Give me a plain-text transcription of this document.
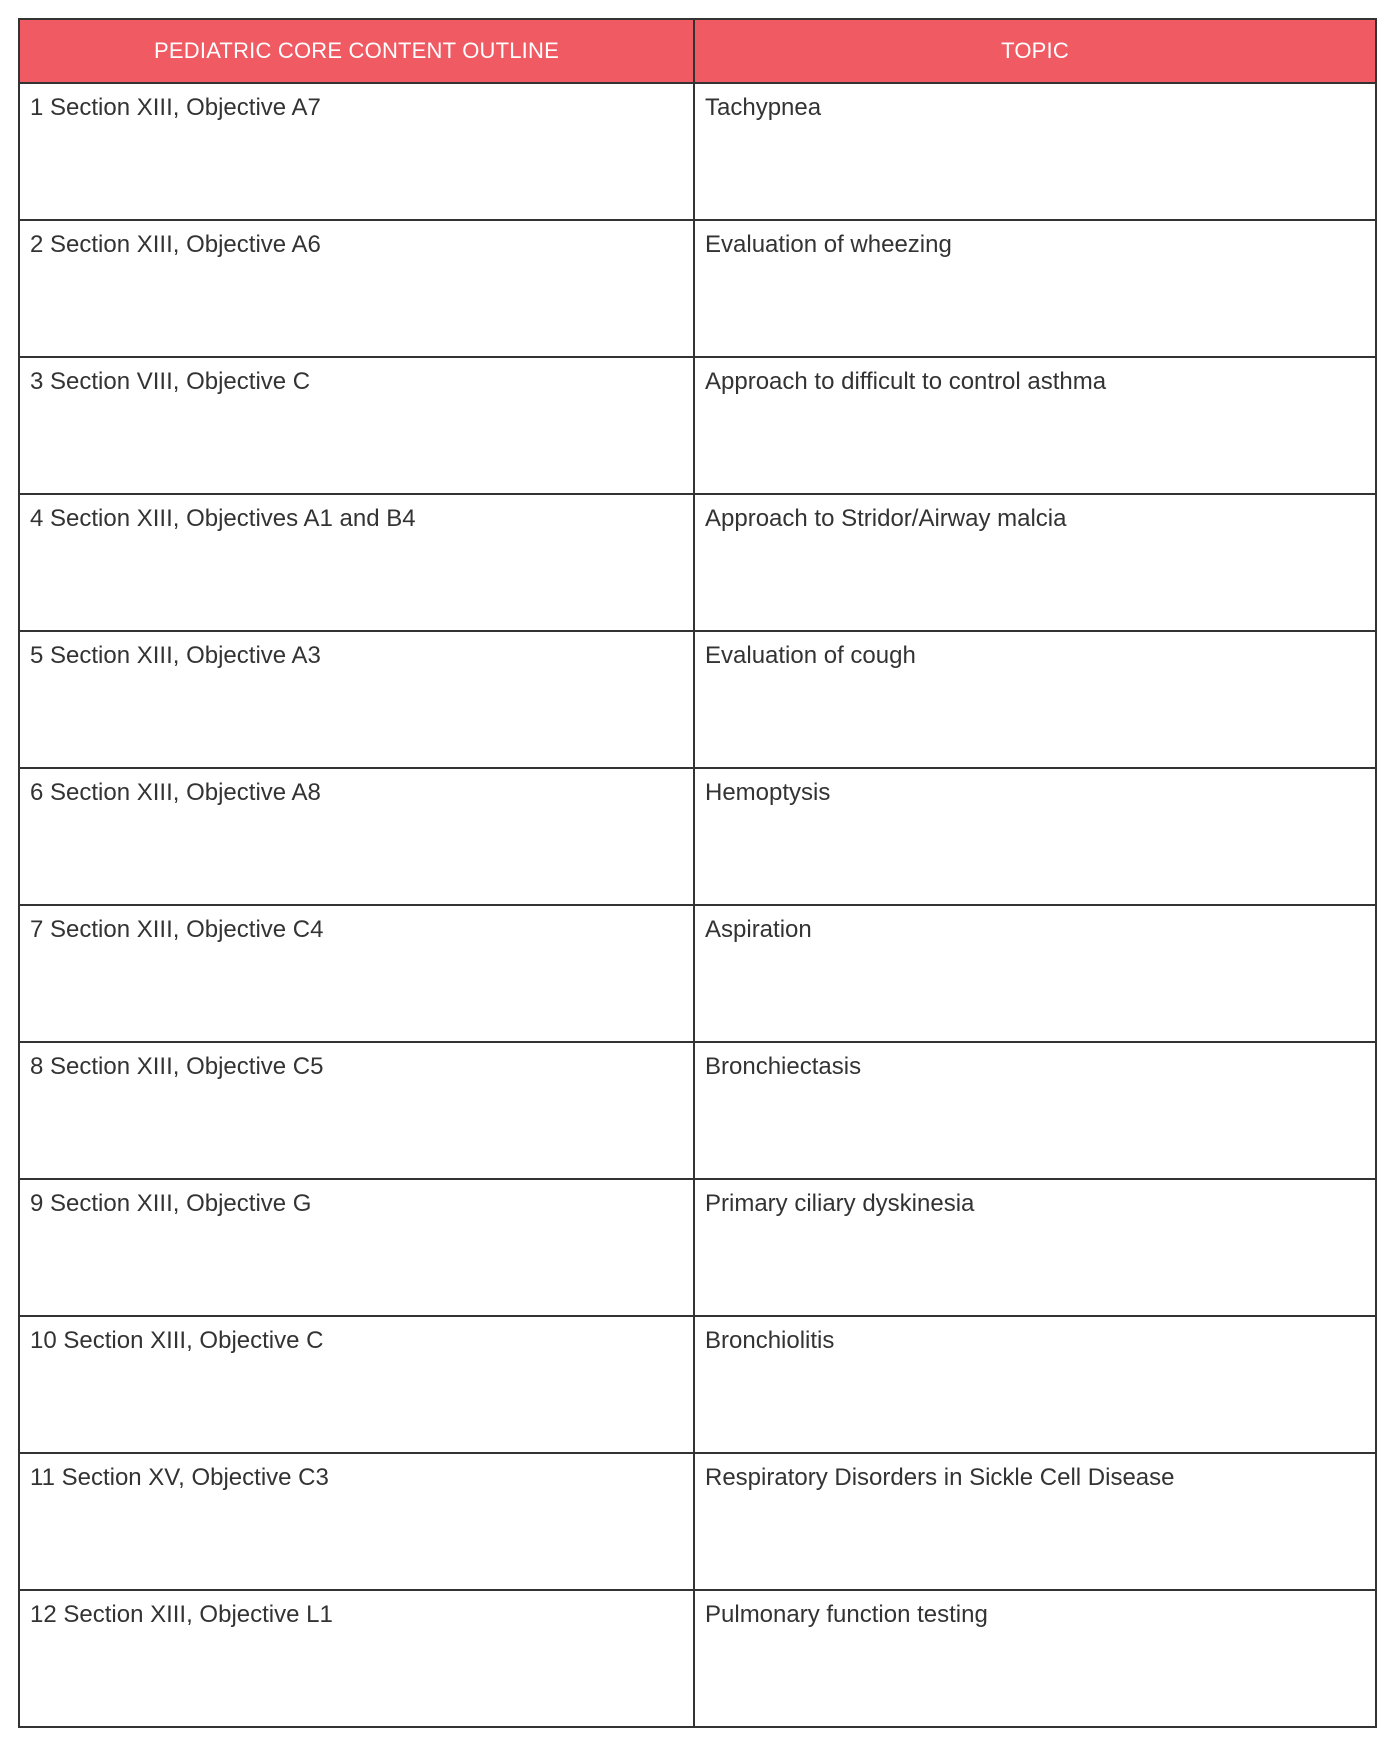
PEDIATRIC CORE CONTENT OUTLINE	TOPIC
1 Section XIII, Objective A7	Tachypnea
2 Section XIII, Objective A6	Evaluation of wheezing
3 Section VIII, Objective C	Approach to difficult to control asthma
4 Section XIII, Objectives A1 and B4	Approach to Stridor/Airway malcia
5 Section XIII, Objective A3	Evaluation of cough
6 Section XIII, Objective A8	Hemoptysis
7 Section XIII, Objective C4	Aspiration
8 Section XIII, Objective C5	Bronchiectasis
9 Section XIII, Objective G	Primary ciliary dyskinesia
10 Section XIII, Objective C	Bronchiolitis
11 Section XV, Objective C3	Respiratory Disorders in Sickle Cell Disease
12 Section XIII, Objective L1	Pulmonary function testing
